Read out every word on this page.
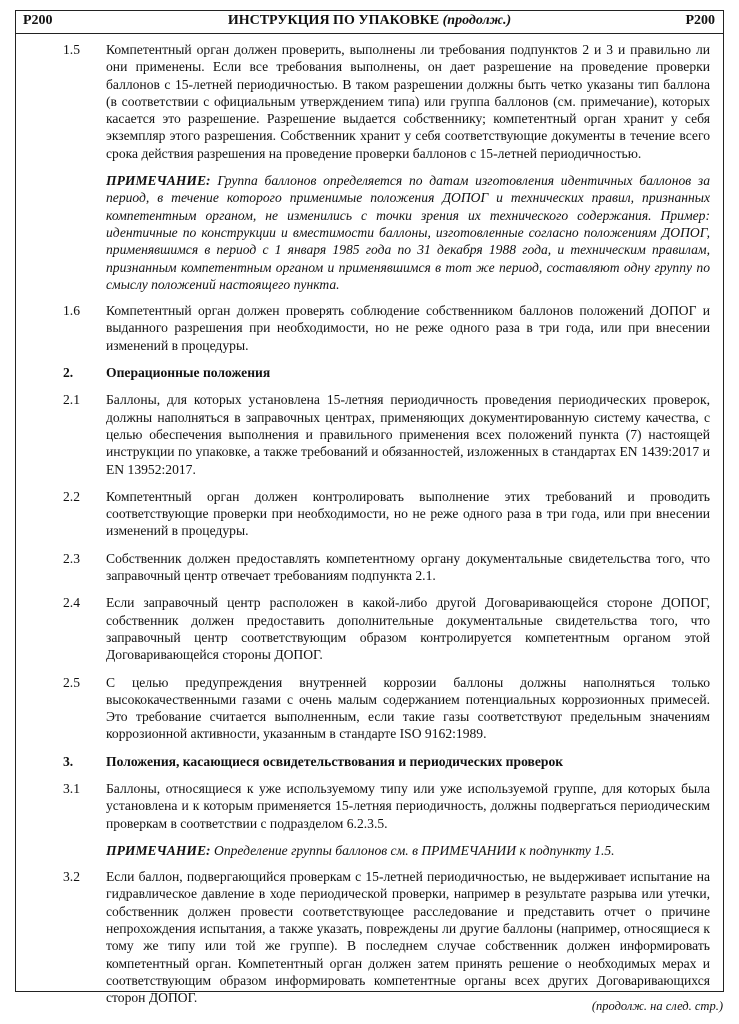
P200	ИНСТРУКЦИЯ ПО УПАКОВКЕ (продолж.)	P200
1.5 Компетентный орган должен проверить, выполнены ли требования подпунктов 2 и 3 и правильно ли они применены. Если все требования выполнены, он дает разрешение на проведение проверки баллонов с 15-летней периодичностью. В таком разрешении должны быть четко указаны тип баллона (в соответствии с официальным утверждением типа) или группа баллонов (см. примечание), которых касается это разрешение. Разрешение выдается собственнику; компетентный орган хранит у себя экземпляр этого разрешения. Собственник хранит у себя соответствующие документы в течение всего срока действия разрешения на проведение проверки баллонов с 15-летней периодичностью.
ПРИМЕЧАНИЕ: Группа баллонов определяется по датам изготовления идентичных баллонов за период, в течение которого применимые положения ДОПОГ и технических правил, признанных компетентным органом, не изменились с точки зрения их технического содержания. Пример: идентичные по конструкции и вместимости баллоны, изготовленные согласно положениям ДОПОГ, применявшимся в период с 1 января 1985 года по 31 декабря 1988 года, и техническим правилам, признанным компетентным органом и применявшимся в тот же период, составляют одну группу по смыслу положений настоящего пункта.
1.6 Компетентный орган должен проверять соблюдение собственником баллонов положений ДОПОГ и выданного разрешения при необходимости, но не реже одного раза в три года, или при внесении изменений в процедуры.
2. Операционные положения
2.1 Баллоны, для которых установлена 15-летняя периодичность проведения периодических проверок, должны наполняться в заправочных центрах, применяющих документированную систему качества, с целью обеспечения выполнения и правильного применения всех положений пункта (7) настоящей инструкции по упаковке, а также требований и обязанностей, изложенных в стандартах EN 1439:2017 и EN 13952:2017.
2.2 Компетентный орган должен контролировать выполнение этих требований и проводить соответствующие проверки при необходимости, но не реже одного раза в три года, или при внесении изменений в процедуры.
2.3 Собственник должен предоставлять компетентному органу документальные свидетельства того, что заправочный центр отвечает требованиям подпункта 2.1.
2.4 Если заправочный центр расположен в какой-либо другой Договаривающейся стороне ДОПОГ, собственник должен предоставить дополнительные документальные свидетельства того, что заправочный центр соответствующим образом контролируется компетентным органом этой Договаривающейся стороны ДОПОГ.
2.5 С целью предупреждения внутренней коррозии баллоны должны наполняться только высококачественными газами с очень малым содержанием потенциальных коррозионных примесей. Это требование считается выполненным, если такие газы соответствуют предельным значениям коррозионной активности, указанным в стандарте ISO 9162:1989.
3. Положения, касающиеся освидетельствования и периодических проверок
3.1 Баллоны, относящиеся к уже используемому типу или уже используемой группе, для которых была установлена и к которым применяется 15-летняя периодичность, должны подвергаться периодическим проверкам в соответствии с подразделом 6.2.3.5.
ПРИМЕЧАНИЕ: Определение группы баллонов см. в ПРИМЕЧАНИИ к подпункту 1.5.
3.2 Если баллон, подвергающийся проверкам с 15-летней периодичностью, не выдерживает испытание на гидравлическое давление в ходе периодической проверки, например в результате разрыва или утечки, собственник должен провести соответствующее расследование и представить отчет о причине непрохождения испытания, а также указать, повреждены ли другие баллоны (например, относящиеся к тому же типу или той же группе). В последнем случае собственник должен информировать компетентный орган. Компетентный орган должен затем принять решение о необходимых мерах и соответствующим образом информировать компетентные органы всех других Договаривающихся сторон ДОПОГ.
(продолж. на след. стр.)
